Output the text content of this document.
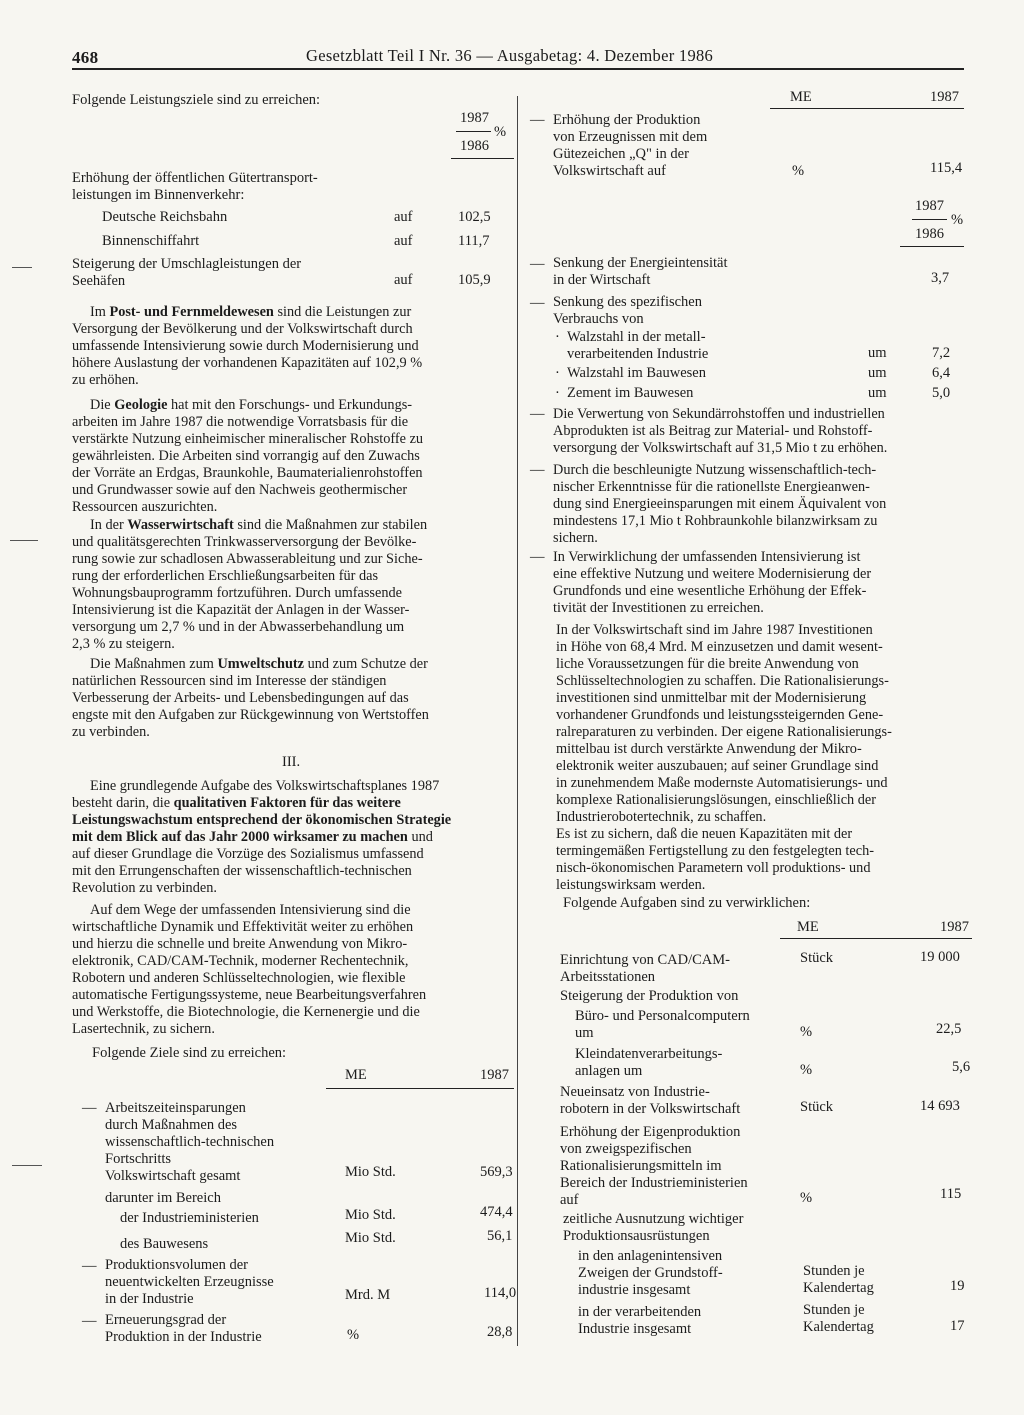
468	Gesetzblatt Teil I Nr. 36 — Ausgabetag: 4. Dezember 1986
Folgende Leistungsziele sind zu erreichen:
1987
%
1986
Erhöhung der öffentlichen Gütertransport-
leistungen im Binnenverkehr:
Deutsche Reichsbahn	auf	102,5
Binnenschiffahrt	auf	111,7
Steigerung der Umschlagleistungen der
Seehäfen	auf	105,9
Im Post- und Fernmeldewesen sind die Leistungen zur
Versorgung der Bevölkerung und der Volkswirtschaft durch
umfassende Intensivierung sowie durch Modernisierung und
höhere Auslastung der vorhandenen Kapazitäten auf 102,9 %
zu erhöhen.
Die Geologie hat mit den Forschungs- und Erkundungs-
arbeiten im Jahre 1987 die notwendige Vorratsbasis für die
verstärkte Nutzung einheimischer mineralischer Rohstoffe zu
gewährleisten. Die Arbeiten sind vorrangig auf den Zuwachs
der Vorräte an Erdgas, Braunkohle, Baumaterialienrohstoffen
und Grundwasser sowie auf den Nachweis geothermischer
Ressourcen auszurichten.
In der Wasserwirtschaft sind die Maßnahmen zur stabilen
und qualitätsgerechten Trinkwasserversorgung der Bevölke-
rung sowie zur schadlosen Abwasserableitung und zur Siche-
rung der erforderlichen Erschließungsarbeiten für das
Wohnungsbauprogramm fortzuführen. Durch umfassende
Intensivierung ist die Kapazität der Anlagen in der Wasser-
versorgung um 2,7 % und in der Abwasserbehandlung um
2,3 % zu steigern.
Die Maßnahmen zum Umweltschutz und zum Schutze der
natürlichen Ressourcen sind im Interesse der ständigen
Verbesserung der Arbeits- und Lebensbedingungen auf das
engste mit den Aufgaben zur Rückgewinnung von Wertstoffen
zu verbinden.
III.
Eine grundlegende Aufgabe des Volkswirtschaftsplanes 1987
besteht darin, die qualitativen Faktoren für das weitere
Leistungswachstum entsprechend der ökonomischen Strategie
mit dem Blick auf das Jahr 2000 wirksamer zu machen und
auf dieser Grundlage die Vorzüge des Sozialismus umfassend
mit den Errungenschaften der wissenschaftlich-technischen
Revolution zu verbinden.
Auf dem Wege der umfassenden Intensivierung sind die
wirtschaftliche Dynamik und Effektivität weiter zu erhöhen
und hierzu die schnelle und breite Anwendung von Mikro-
elektronik, CAD/CAM-Technik, moderner Rechentechnik,
Robotern und anderen Schlüsseltechnologien, wie flexible
automatische Fertigungssysteme, neue Bearbeitungsverfahren
und Werkstoffe, die Biotechnologie, die Kernenergie und die
Lasertechnik, zu sichern.
Folgende Ziele sind zu erreichen:
ME	1987
— Arbeitszeiteinsparungen
durch Maßnahmen des
wissenschaftlich-technischen
Fortschritts
Volkswirtschaft gesamt	Mio Std.	569,3
darunter im Bereich
der Industrieministerien	Mio Std.	474,4
des Bauwesens	Mio Std.	56,1
— Produktionsvolumen der
neuentwickelten Erzeugnisse
in der Industrie	Mrd. M	114,0
— Erneuerungsgrad der
Produktion in der Industrie	%	28,8
ME	1987
— Erhöhung der Produktion
von Erzeugnissen mit dem
Gütezeichen „Q" in der
Volkswirtschaft auf	%	115,4
1987
%
1986
— Senkung der Energieintensität
in der Wirtschaft	3,7
— Senkung des spezifischen
Verbrauchs von
· Walzstahl in der metall-
verarbeitenden Industrie	um	7,2
· Walzstahl im Bauwesen	um	6,4
· Zement im Bauwesen	um	5,0
— Die Verwertung von Sekundärrohstoffen und industriellen
Abprodukten ist als Beitrag zur Material- und Rohstoff-
versorgung der Volkswirtschaft auf 31,5 Mio t zu erhöhen.
— Durch die beschleunigte Nutzung wissenschaftlich-tech-
nischer Erkenntnisse für die rationellste Energieanwen-
dung sind Energieeinsparungen mit einem Äquivalent von
mindestens 17,1 Mio t Rohbraunkohle bilanzwirksam zu
sichern.
— In Verwirklichung der umfassenden Intensivierung ist
eine effektive Nutzung und weitere Modernisierung der
Grundfonds und eine wesentliche Erhöhung der Effek-
tivität der Investitionen zu erreichen.
In der Volkswirtschaft sind im Jahre 1987 Investitionen
in Höhe von 68,4 Mrd. M einzusetzen und damit wesent-
liche Voraussetzungen für die breite Anwendung von
Schlüsseltechnologien zu schaffen. Die Rationalisierungs-
investitionen sind unmittelbar mit der Modernisierung
vorhandener Grundfonds und leistungssteigernden Gene-
ralreparaturen zu verbinden. Der eigene Rationalisierungs-
mittelbau ist durch verstärkte Anwendung der Mikro-
elektronik weiter auszubauen; auf seiner Grundlage sind
in zunehmendem Maße modernste Automatisierungs- und
komplexe Rationalisierungslösungen, einschließlich der
Industrierobotertechnik, zu schaffen.
Es ist zu sichern, daß die neuen Kapazitäten mit der
termingemäßen Fertigstellung zu den festgelegten tech-
nisch-ökonomischen Parametern voll produktions- und
leistungswirksam werden.
Folgende Aufgaben sind zu verwirklichen:
ME	1987
Einrichtung von CAD/CAM-
Arbeitsstationen
Stück	19 000
Steigerung der Produktion von
Büro- und Personalcomputern
um	%	22,5
Kleindatenverarbeitungs-
anlagen um	%	5,6
Neueinsatz von Industrie-
robotern in der Volkswirtschaft	Stück	14 693
Erhöhung der Eigenproduktion
von zweigspezifischen
Rationalisierungsmitteln im
Bereich der Industrieministerien
auf	%	115
zeitliche Ausnutzung wichtiger
Produktionsausrüstungen
in den anlagenintensiven
Zweigen der Grundstoff-
industrie insgesamt
Stunden je
Kalendertag	19
in der verarbeitenden
Industrie insgesamt
Stunden je
Kalendertag	17
